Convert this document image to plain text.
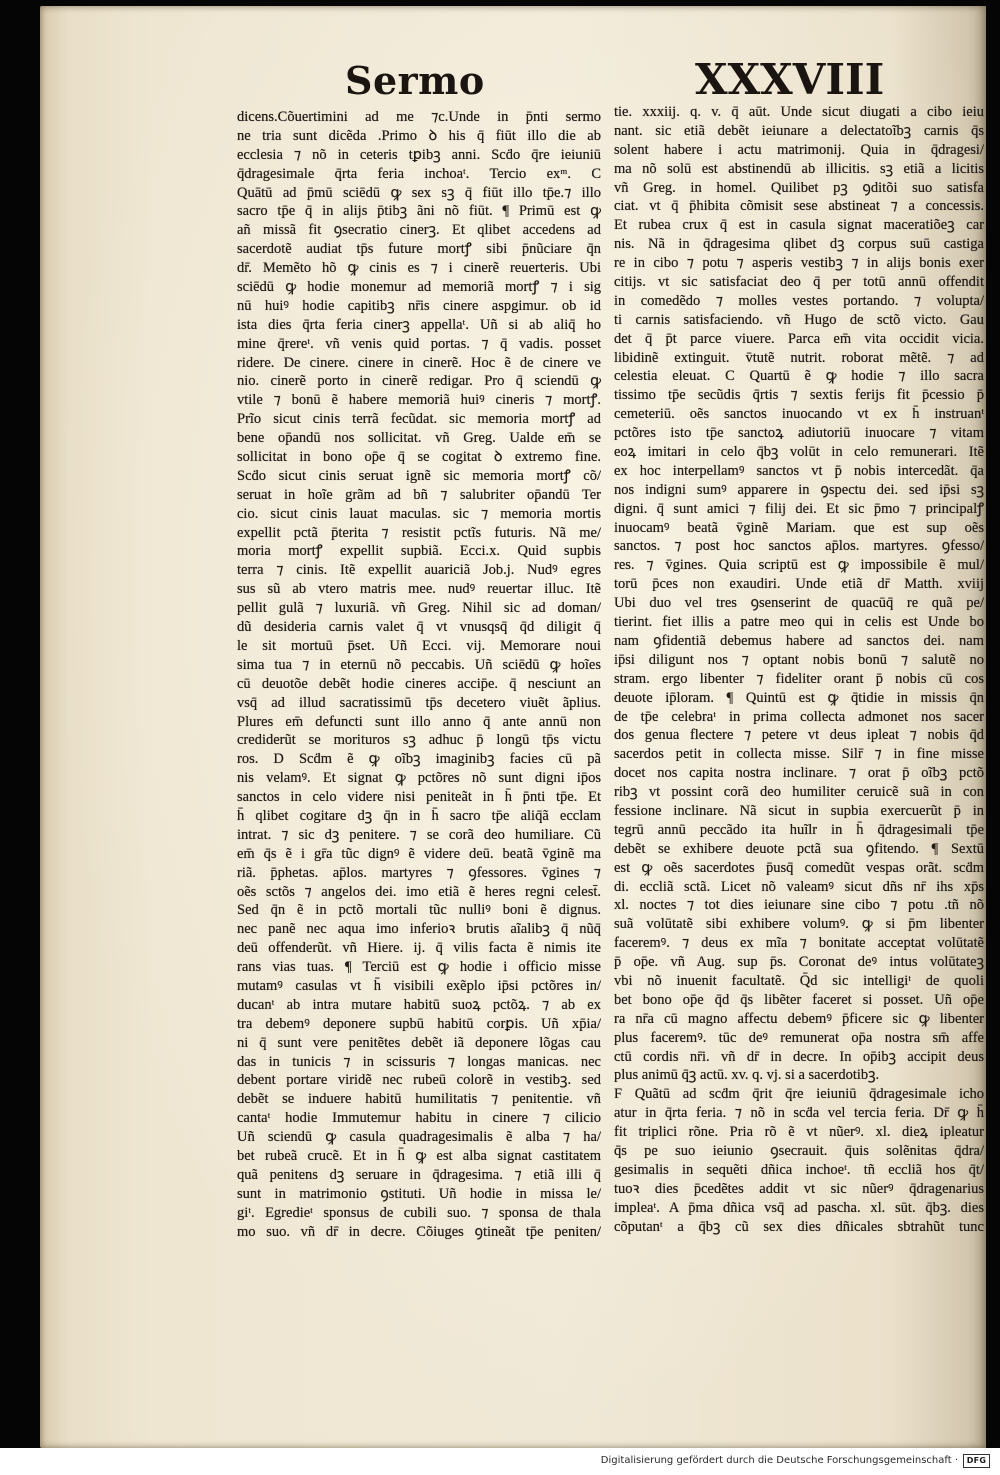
Sermo	XXXVIII
dicens.Cõuertimini ad me ⁊c.Unde in p̄nti sermo
ne tria sunt dicẽda .Primo ꝺ his q̄ fiūt illo die ab
ecclesia ⁊ nõ in ceteris tꝑibꝫ anni. Scḋo q̄re ieiuniū
q̄dragesimale q̄rta feria inchoaᵗ. Tercio exᵐ. C
Quātū ad p̄mū sciēdū ꝙ sex sꝫ q̄ fiūt illo tp̄e.⁊ illo
sacro tp̄e q̄ in alijs p̄tibꝫ ãni nõ fiūt. ¶ Primū est ꝙ
añ missã fit ꝯsecratio cinerꝫ. Et qlibet accedens ad
sacerdotẽ audiat tp̄s future mortꝭ sibi p̄nũciare q̄n
dr̄. Memẽto hõ ꝙ cinis es ⁊ i cinerẽ reuerteris. Ubi
sciēdū ꝙ hodie monemur ad memoriã mortꝭ ⁊ i sig
nū huiꝰ hodie capitibꝫ nr̄is cinere aspgimur. ob id
ista dies q̄rta feria cinerꝫ appellaᵗ. Uñ si ab aliq̄ ho
mine q̄rereᵗ. vñ venis quid portas. ⁊ q̄ vadis. posset
ridere. De cinere. cinere in cinerẽ. Hoc ẽ de cinere ve
nio. cinerẽ porto in cinerẽ redigar. Pro q̄ sciendū ꝙ
vtile ⁊ bonū ẽ habere memoriã huiꝰ cineris ⁊ mortꝭ.
Prĩo sicut cinis terrã fecũdat. sic memoria mortꝭ ad
bene op̄andū nos sollicitat. vñ Greg. Ualde em̄ se
sollicitat in bono op̄e q̄ se cogitat ꝺ extremo fine.
Scḋo sicut cinis seruat ignẽ sic memoria mortꝭ cõ/
seruat in hoĩe grãm ad bñ ⁊ salubriter op̄andū Ter
cio. sicut cinis lauat maculas. sic ⁊ memoria mortis
expellit pctã p̄terita ⁊ resistit pctĩs futuris. Nã me/
moria mortꝭ expellit supbiã. Ecci.x. Quid supbis
terra ⁊ cinis. Itẽ expellit auariciã Job.j. Nudꝰ egres
sus sũ ab vtero matris mee. nudꝰ reuertar illuc. Itẽ
pellit gulã ⁊ luxuriã. vñ Greg. Nihil sic ad doman/
dũ desideria carnis valet q̄ vt vnusqsq̄ q̄d diligit q̄
le sit mortuū p̄set. Uñ Ecci. vij. Memorare noui
sima tua ⁊ in eternū nõ peccabis. Uñ sciēdū ꝙ hoĩes
cū deuotõe debẽt hodie cineres accip̄e. q̄ nesciunt an
vsq̄ ad illud sacratissimū tp̄s decetero viuẽt ãplius.
Plures em̄ defuncti sunt illo anno q̄ ante annū non
crediderũt se morituros sꝫ adhuc p̄ longū tp̄s victu
ros. D Scḋm ẽ ꝙ oĩbꝫ imaginibꝫ facies cū pã
nis velamꝰ. Et signat ꝙ pctõres nõ sunt digni ip̄os
sanctos in celo videre nisi peniteãt in h̄ p̄nti tp̄e. Et
h̄ qlibet cogitare dꝫ q̄n in h̄ sacro tp̄e aliq̄ã ecclam
intrat. ⁊ sic dꝫ penitere. ⁊ se corã deo humiliare. Cũ
em̄ q̄s ẽ i gr̄a tũc dignꝰ ẽ videre deū. beatã v̄ginẽ ma
riã. p̄phetas. ap̄los. martyres ⁊ ꝯfessores. v̄gines ⁊
oẽs sctõs ⁊ angelos dei. imo etiã ẽ heres regni celest̄.
Sed q̄n ẽ in pctõ mortali tũc nulliꝰ boni ẽ dignus.
nec panẽ nec aqua imo inferioꝛ brutis aĩalibꝫ q̄ nũq̄
deū offenderũt. vñ Hiere. ij. q̄ vilis facta ẽ nimis ite
rans vias tuas. ¶ Terciū est ꝙ hodie i officio misse
mutamꝰ casulas vt h̄ visibili exẽplo ip̄si pctõres in/
ducanᵗ ab intra mutare habitū suoꝝ pctõꝝ. ⁊ ab ex
tra debemꝰ deponere supbū habitū corꝑis. Uñ xp̄ia/
ni q̄ sunt vere penitẽtes debẽt iã deponere lõgas cau
das in tunicis ⁊ in scissuris ⁊ longas manicas. nec
debent portare viridẽ nec rubeū colorẽ in vestibꝫ. sed
debẽt se induere habitū humilitatis ⁊ penitentie. vñ
cantaᵗ hodie Immutemur habitu in cinere ⁊ cilicio
Uñ sciendū ꝙ casula quadragesimalis ẽ alba ⁊ ha/
bet rubeã crucẽ. Et in h̄ ꝙ est alba signat castitatem
quã penitens dꝫ seruare in q̄dragesima. ⁊ etiã illi q̄
sunt in matrimonio ꝯstituti. Uñ hodie in missa le/
giᵗ. Egredieᵗ sponsus de cubili suo. ⁊ sponsa de thala
mo suo. vñ dr̄ in decre. Cõiuges ꝯtineãt tp̄e peniten/
tie. xxxiij. q. v. q̄ aūt. Unde sicut diugati a cibo ieiu
nant. sic etiã debẽt ieiunare a delectatoĩbꝫ carnis q̄s
solent habere i actu matrimonij. Quia in q̄dragesi/
ma nõ solū est abstinendū ab illicitis. sꝫ etiã a licitis
vñ Greg. in homel. Quilibet pꝫ ꝯditõi suo satisfa
ciat. vt q̄ p̄hibita cõmisit sese abstineat ⁊ a concessis.
Et rubea crux q̄ est in casula signat maceratiõeꝫ car
nis. Nã in q̄dragesima qlibet dꝫ corpus suū castiga
re in cibo ⁊ potu ⁊ asperis vestibꝫ ⁊ in alijs bonis exer
citijs. vt sic satisfaciat deo q̄ per totū annū offendit
in comedẽdo ⁊ molles vestes portando. ⁊ volupta/
ti carnis satisfaciendo. vñ Hugo de sctõ victo. Gau
det q̄ p̄t parce viuere. Parca em̄ vita occidit vicia.
libidinẽ extinguit. v̄tutẽ nutrit. roborat mẽtẽ. ⁊ ad
celestia eleuat. C Quartū ẽ ꝙ hodie ⁊ illo sacra
tissimo tp̄e secũdis q̄rtis ⁊ sextis ferijs fit p̄cessio p̄
cemeteriū. oẽs sanctos inuocando vt ex h̄ instruanᵗ
pctõres isto tp̄e sanctoꝝ adiutoriū inuocare ⁊ vitam
eoꝝ imitari in celo q̄bꝫ volūt in celo remunerari. Itẽ
ex hoc interpellamꝰ sanctos vt p̄ nobis intercedãt. q̄a
nos indigni sumꝰ apparere in ꝯspectu dei. sed ip̄si sꝫ
digni. q̄ sunt amici ⁊ filij dei. Et sic p̄mo ⁊ principalꝭ
inuocamꝰ beatã v̄ginẽ Mariam. que est sup oẽs
sanctos. ⁊ post hoc sanctos ap̄los. martyres. ꝯfesso/
res. ⁊ v̄gines. Quia scriptū est ꝙ impossibile ẽ mul/
torū p̄ces non exaudiri. Unde etiã dr̄ Matth. xviij
Ubi duo vel tres ꝯsenserint de quacūq̄ re quã pe/
tierint. fiet illis a patre meo qui in celis est Unde bo
nam ꝯfidentiã debemus habere ad sanctos dei. nam
ip̄si diligunt nos ⁊ optant nobis bonū ⁊ salutẽ no
stram. ergo libenter ⁊ fideliter orant p̄ nobis cū cos
deuote ip̄loram. ¶ Quintū est ꝙ q̄tidie in missis q̄n
de tp̄e celebraᵗ in prima collecta admonet nos sacer
dos genua flectere ⁊ petere vt deus ipleat ⁊ nobis q̄d
sacerdos petit in collecta misse. Silr̄ ⁊ in fine misse
docet nos capita nostra inclinare. ⁊ orat p̄ oĩbꝫ pctõ
ribꝫ vt possint corã deo humiliter ceruicẽ suã in con
fessione inclinare. Nã sicut in supbia exercuerũt p̄ in
tegrū annū peccãdo ita huĩlr in h̄ q̄dragesimali tp̄e
debẽt se exhibere deuote pctã sua ꝯfitendo. ¶ Sextū
est ꝙ oẽs sacerdotes p̄usq̄ comedũt vespas orãt. scḋm
di. eccliã sctã. Licet nõ valeamꝰ sicut dñs nr̄ ihs xp̄s
xl. noctes ⁊ tot dies ieiunare sine cibo ⁊ potu .tñ nõ
suã volūtatẽ sibi exhibere volumꝰ. ꝙ si p̄m libenter
faceremꝰ. ⁊ deus ex mĩa ⁊ bonitate acceptat volūtatẽ
p̄ op̄e. vñ Aug. sup p̄s. Coronat deꝰ intus volūtateꝫ
vbi nõ inuenit facultatẽ. Q̄d sic intelligiᵗ de quoli
bet bono op̄e q̄d q̄s libẽter faceret si posset. Uñ op̄e
ra nr̄a cū magno affectu debemꝰ p̄ficere sic ꝙ libenter
plus faceremꝰ. tūc deꝰ remunerat op̄a nostra sm̄ affe
ctū cordis nr̄i. vñ dr̄ in decre. In op̄ibꝫ accipit deus
plus animū q̄ꝫ actū. xv. q. vj. si a sacerdotibꝫ.
F Quãtū ad scḋm q̄rit q̄re ieiuniū q̄dragesimale icho
atur in q̄rta feria. ⁊ nõ in scḋa vel tercia feria. Dr̄ ꝙ h̄
fit triplici rõne. Pria rõ ẽ vt nũerꝰ. xl. dieꝝ ipleatur
q̄s pe suo ieiunio ꝯsecrauit. q̄uis solẽnitas q̄dra/
gesimalis in sequẽti dñica inchoeᵗ. tñ eccliã hos q̄t/
tuoꝛ dies p̄cedẽtes addit vt sic nũerꝰ q̄dragenarius
impleaᵗ. A p̄ma dñica vsq̄ ad pascha. xl. sūt. q̄bꝫ. dies
cõputanᵗ a q̄bꝫ cũ sex dies dñicales sbtrahũt tunc
Digitalisierung gefördert durch die Deutsche Forschungsgemeinschaft ·	DFG
